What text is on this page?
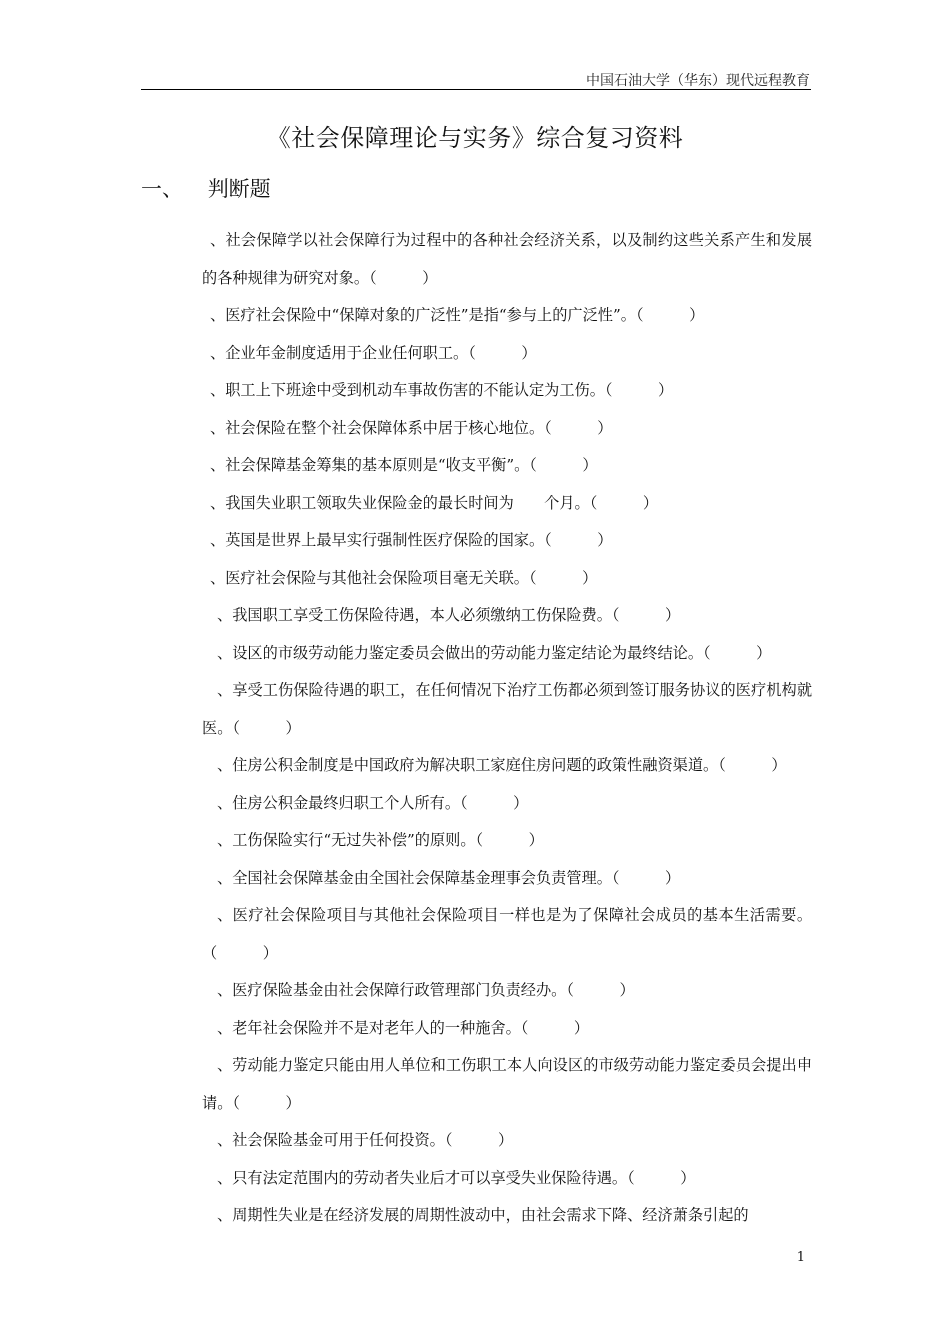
中国石油大学（华东）现代远程教育
《社会保障理论与实务》综合复习资料
一、 判断题
、社会保障学以社会保障行为过程中的各种社会经济关系，以及制约这些关系产生和发展的各种规律为研究对象。（　　　）
、医疗社会保险中“保障对象的广泛性”是指“参与上的广泛性”。（　　　）
、企业年金制度适用于企业任何职工。（　　　）
、职工上下班途中受到机动车事故伤害的不能认定为工伤。（　　　）
、社会保险在整个社会保障体系中居于核心地位。（　　　）
、社会保障基金筹集的基本原则是“收支平衡”。（　　　）
、我国失业职工领取失业保险金的最长时间为　　个月。（　　　）
、英国是世界上最早实行强制性医疗保险的国家。（　　　）
、医疗社会保险与其他社会保险项目毫无关联。（　　　）
、我国职工享受工伤保险待遇，本人必须缴纳工伤保险费。（　　　）
、设区的市级劳动能力鉴定委员会做出的劳动能力鉴定结论为最终结论。（　　　）
、享受工伤保险待遇的职工，在任何情况下治疗工伤都必须到签订服务协议的医疗机构就医。（　　　）
、住房公积金制度是中国政府为解决职工家庭住房问题的政策性融资渠道。（　　　）
、住房公积金最终归职工个人所有。（　　　）
、工伤保险实行“无过失补偿”的原则。（　　　）
、全国社会保障基金由全国社会保障基金理事会负责管理。（　　　）
、医疗社会保险项目与其他社会保险项目一样也是为了保障社会成员的基本生活需要。（　　　）
、医疗保险基金由社会保障行政管理部门负责经办。（　　　）
、老年社会保险并不是对老年人的一种施舍。（　　　）
、劳动能力鉴定只能由用人单位和工伤职工本人向设区的市级劳动能力鉴定委员会提出申请。（　　　）
、社会保险基金可用于任何投资。（　　　）
、只有法定范围内的劳动者失业后才可以享受失业保险待遇。（　　　）
、周期性失业是在经济发展的周期性波动中，由社会需求下降、经济萧条引起的
1
